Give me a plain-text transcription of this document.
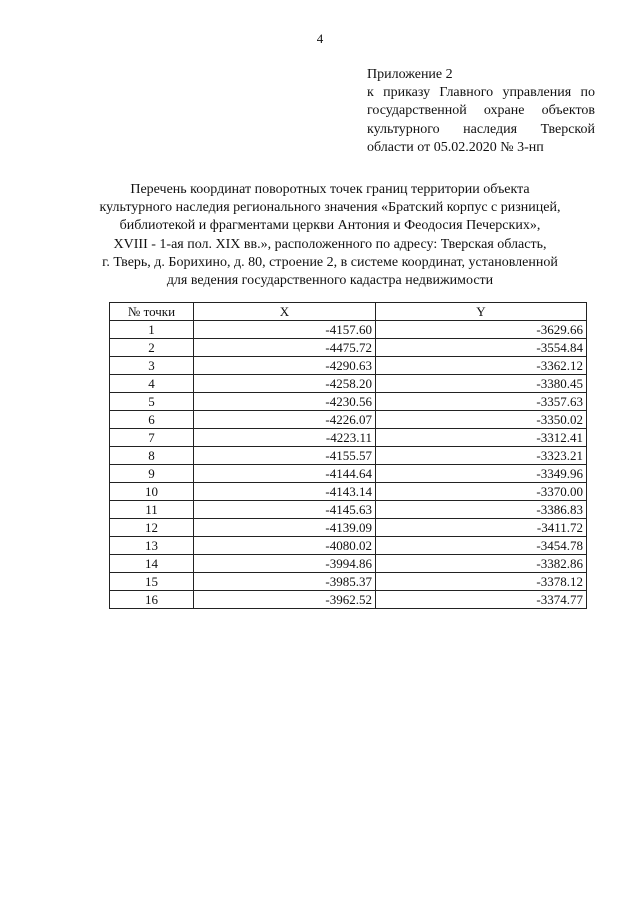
4
Приложение 2
к приказу Главного управления по
государственной охране объектов
культурного наследия Тверской
области от 05.02.2020 № 3-нп
Перечень координат поворотных точек границ территории объекта
культурного наследия регионального значения «Братский корпус с ризницей,
библиотекой и фрагментами церкви Антония и Феодосия Печерских»,
XVIII - 1-ая пол. XIX вв.», расположенного по адресу: Тверская область,
г. Тверь, д. Борихино, д. 80, строение 2, в системе координат, установленной
для ведения государственного кадастра недвижимости
№ точки	X	Y
1	-4157.60	-3629.66
2	-4475.72	-3554.84
3	-4290.63	-3362.12
4	-4258.20	-3380.45
5	-4230.56	-3357.63
6	-4226.07	-3350.02
7	-4223.11	-3312.41
8	-4155.57	-3323.21
9	-4144.64	-3349.96
10	-4143.14	-3370.00
11	-4145.63	-3386.83
12	-4139.09	-3411.72
13	-4080.02	-3454.78
14	-3994.86	-3382.86
15	-3985.37	-3378.12
16	-3962.52	-3374.77
